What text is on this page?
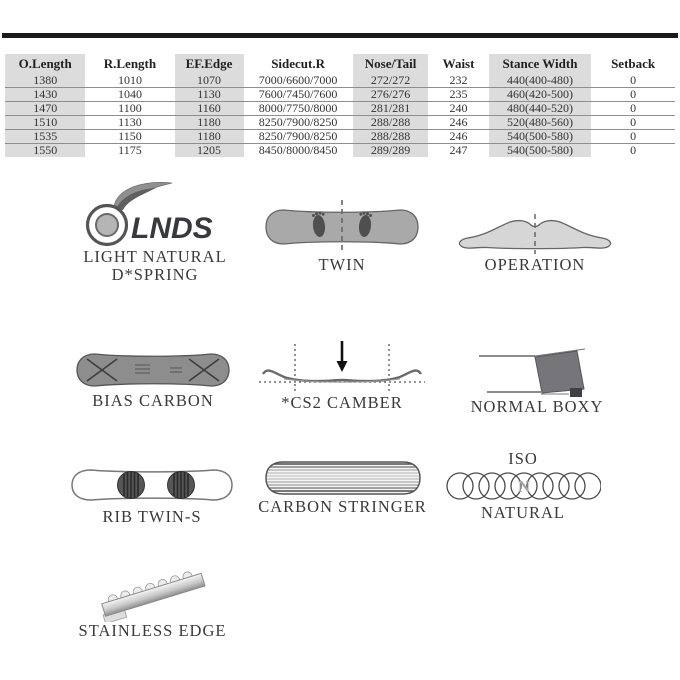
O.Length	R.Length	EF.Edge	Sidecut.R	Nose/Tail	Waist	Stance Width	Setback
1380	1010	1070	7000/6600/7000	272/272	232	440(400-480)	0
1430	1040	1130	7600/7450/7600	276/276	235	460(420-500)	0
1470	1100	1160	8000/7750/8000	281/281	240	480(440-520)	0
1510	1130	1180	8250/7900/8250	288/288	246	520(480-560)	0
1535	1150	1180	8250/7900/8250	288/288	246	540(500-580)	0
1550	1175	1205	8450/8000/8450	289/289	247	540(500-580)	0
LNDS
LIGHT NATURAL
D*SPRING
TWIN	OPERATION
BIAS CARBON	*CS2 CAMBER	NORMAL BOXY
RIB TWIN-S
CARBON STRINGER
ISO
N
NATURAL
STAINLESS EDGE
